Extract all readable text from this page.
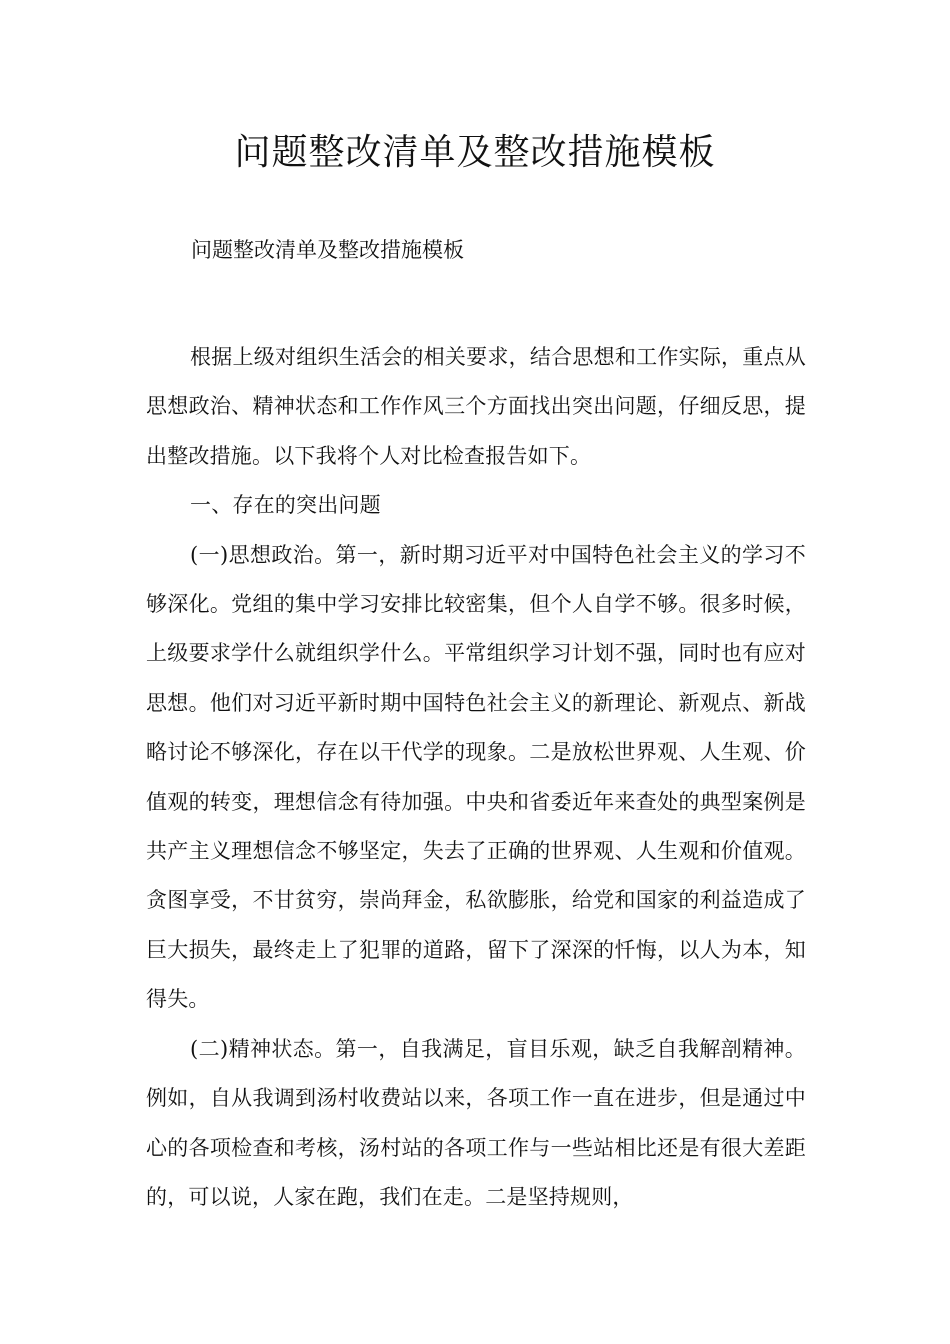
问题整改清单及整改措施模板

问题整改清单及整改措施模板

根据上级对组织生活会的相关要求，结合思想和工作实际，重点从思想政治、精神状态和工作作风三个方面找出突出问题，仔细反思，提出整改措施。以下我将个人对比检查报告如下。

一、存在的突出问题

(一)思想政治。第一，新时期习近平对中国特色社会主义的学习不够深化。党组的集中学习安排比较密集，但个人自学不够。很多时候，上级要求学什么就组织学什么。平常组织学习计划不强，同时也有应对思想。他们对习近平新时期中国特色社会主义的新理论、新观点、新战略讨论不够深化，存在以干代学的现象。二是放松世界观、人生观、价值观的转变，理想信念有待加强。中央和省委近年来查处的典型案例是共产主义理想信念不够坚定，失去了正确的世界观、人生观和价值观。贪图享受，不甘贫穷，崇尚拜金，私欲膨胀，给党和国家的利益造成了巨大损失，最终走上了犯罪的道路，留下了深深的忏悔，以人为本，知得失。

(二)精神状态。第一，自我满足，盲目乐观，缺乏自我解剖精神。例如，自从我调到汤村收费站以来，各项工作一直在进步，但是通过中心的各项检查和考核，汤村站的各项工作与一些站相比还是有很大差距的，可以说，人家在跑，我们在走。二是坚持规则，
